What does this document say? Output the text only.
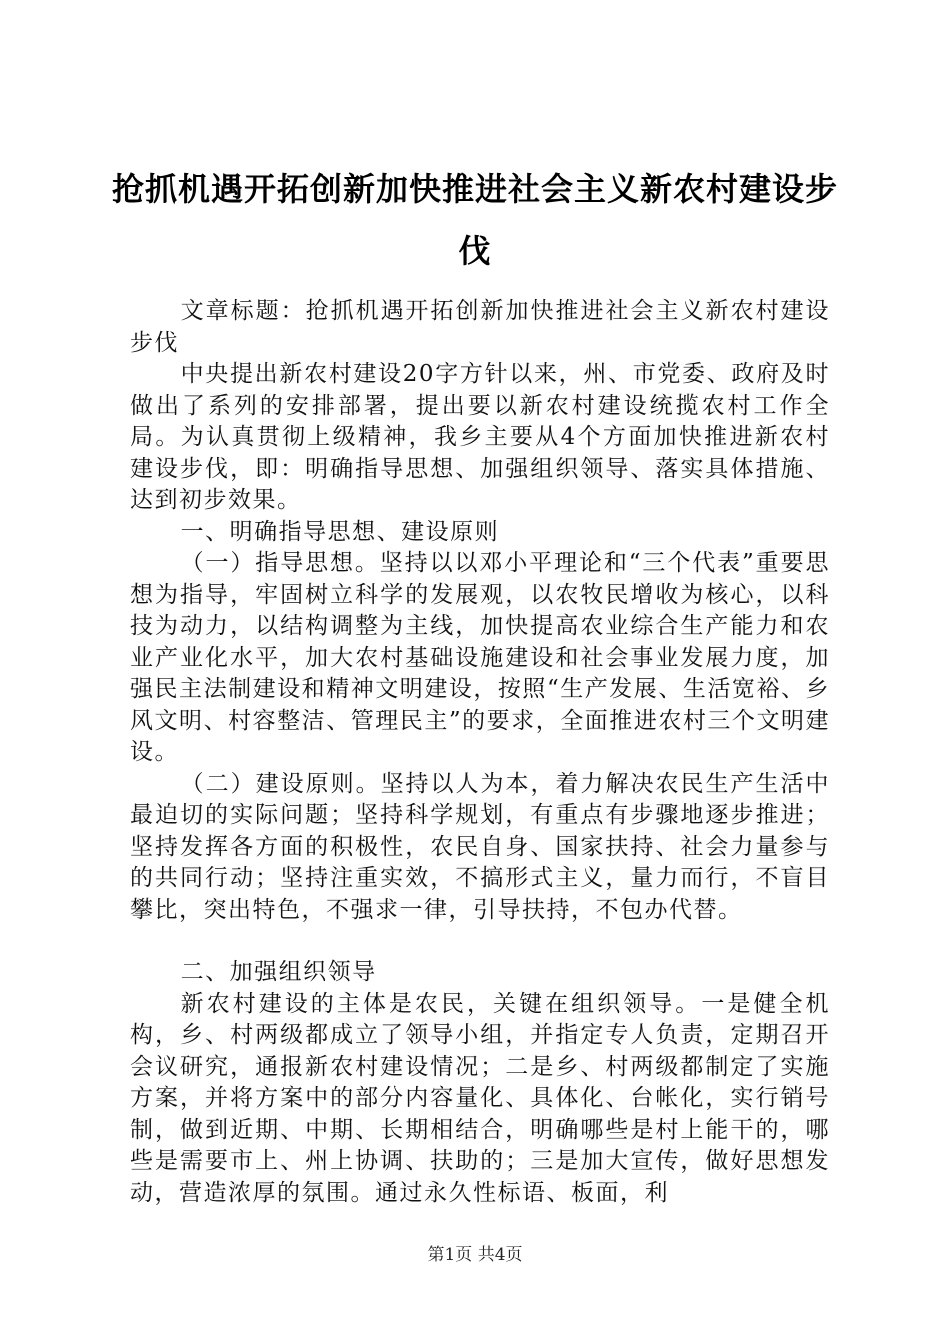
抢抓机遇开拓创新加快推进社会主义新农村建设步伐

文章标题：抢抓机遇开拓创新加快推进社会主义新农村建设步伐

中央提出新农村建设20字方针以来，州、市党委、政府及时做出了系列的安排部署，提出要以新农村建设统揽农村工作全局。为认真贯彻上级精神，我乡主要从4个方面加快推进新农村建设步伐，即：明确指导思想、加强组织领导、落实具体措施、达到初步效果。

一、明确指导思想、建设原则

（一）指导思想。坚持以以邓小平理论和“三个代表”重要思想为指导，牢固树立科学的发展观，以农牧民增收为核心，以科技为动力，以结构调整为主线，加快提高农业综合生产能力和农业产业化水平，加大农村基础设施建设和社会事业发展力度，加强民主法制建设和精神文明建设，按照“生产发展、生活宽裕、乡风文明、村容整洁、管理民主”的要求，全面推进农村三个文明建设。

（二）建设原则。坚持以人为本，着力解决农民生产生活中最迫切的实际问题；坚持科学规划，有重点有步骤地逐步推进；坚持发挥各方面的积极性，农民自身、国家扶持、社会力量参与的共同行动；坚持注重实效，不搞形式主义，量力而行，不盲目攀比，突出特色，不强求一律，引导扶持，不包办代替。

二、加强组织领导

新农村建设的主体是农民，关键在组织领导。一是健全机构，乡、村两级都成立了领导小组，并指定专人负责，定期召开会议研究，通报新农村建设情况；二是乡、村两级都制定了实施方案，并将方案中的部分内容量化、具体化、台帐化，实行销号制，做到近期、中期、长期相结合，明确哪些是村上能干的，哪些是需要市上、州上协调、扶助的；三是加大宣传，做好思想发动，营造浓厚的氛围。通过永久性标语、板面，利

第1页 共4页
